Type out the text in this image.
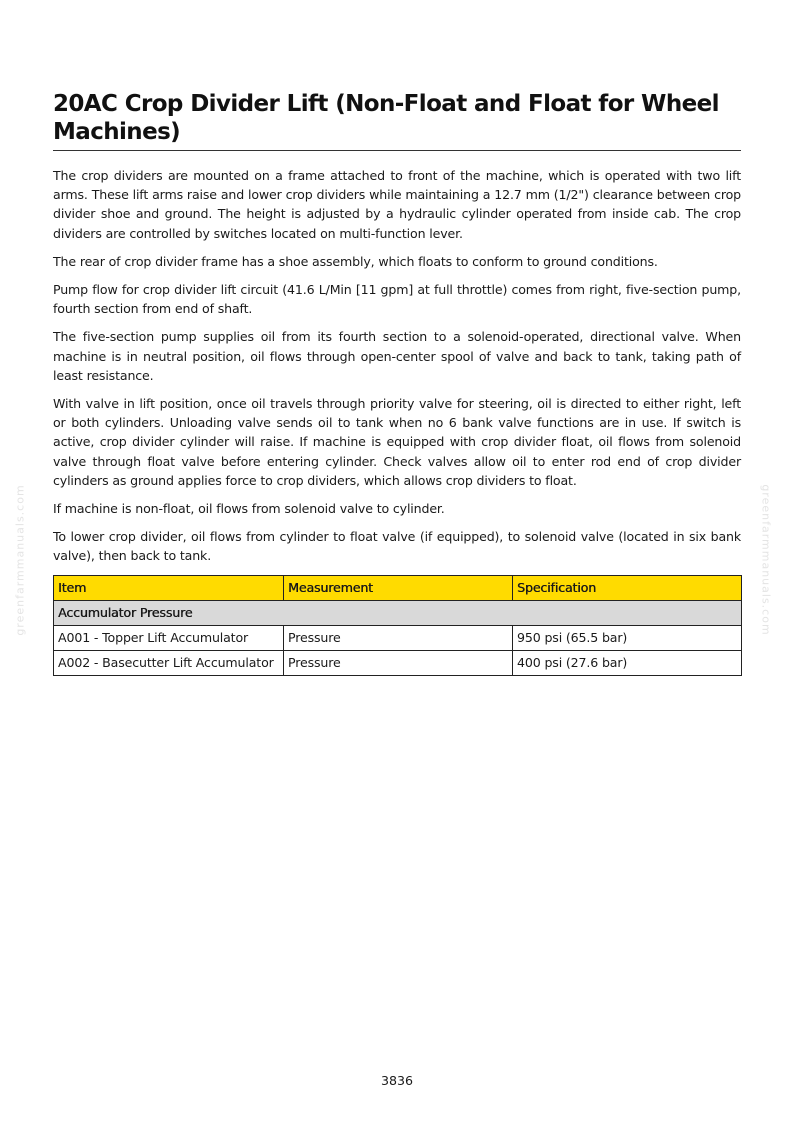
20AC Crop Divider Lift (Non-Float and Float for Wheel Machines)

The crop dividers are mounted on a frame attached to front of the machine, which is operated with two lift arms. These lift arms raise and lower crop dividers while maintaining a 12.7 mm (1/2") clearance between crop divider shoe and ground. The height is adjusted by a hydraulic cylinder operated from inside cab. The crop dividers are controlled by switches located on multi-function lever.

The rear of crop divider frame has a shoe assembly, which floats to conform to ground conditions.

Pump flow for crop divider lift circuit (41.6 L/Min [11 gpm] at full throttle) comes from right, five-section pump, fourth section from end of shaft.

The five-section pump supplies oil from its fourth section to a solenoid-operated, directional valve. When machine is in neutral position, oil flows through open-center spool of valve and back to tank, taking path of least resistance.

With valve in lift position, once oil travels through priority valve for steering, oil is directed to either right, left or both cylinders. Unloading valve sends oil to tank when no 6 bank valve functions are in use. If switch is active, crop divider cylinder will raise. If machine is equipped with crop divider float, oil flows from solenoid valve through float valve before entering cylinder. Check valves allow oil to enter rod end of crop divider cylinders as ground applies force to crop dividers, which allows crop dividers to float.

If machine is non-float, oil flows from solenoid valve to cylinder.

To lower crop divider, oil flows from cylinder to float valve (if equipped), to solenoid valve (located in six bank valve), then back to tank.

Item	Measurement	Specification
Accumulator Pressure		
A001 - Topper Lift Accumulator	Pressure	950 psi (65.5 bar)
A002 - Basecutter Lift Accumulator	Pressure	400 psi (27.6 bar)
greenfarmmanuals.com	greenfarmmanuals.com
3836
